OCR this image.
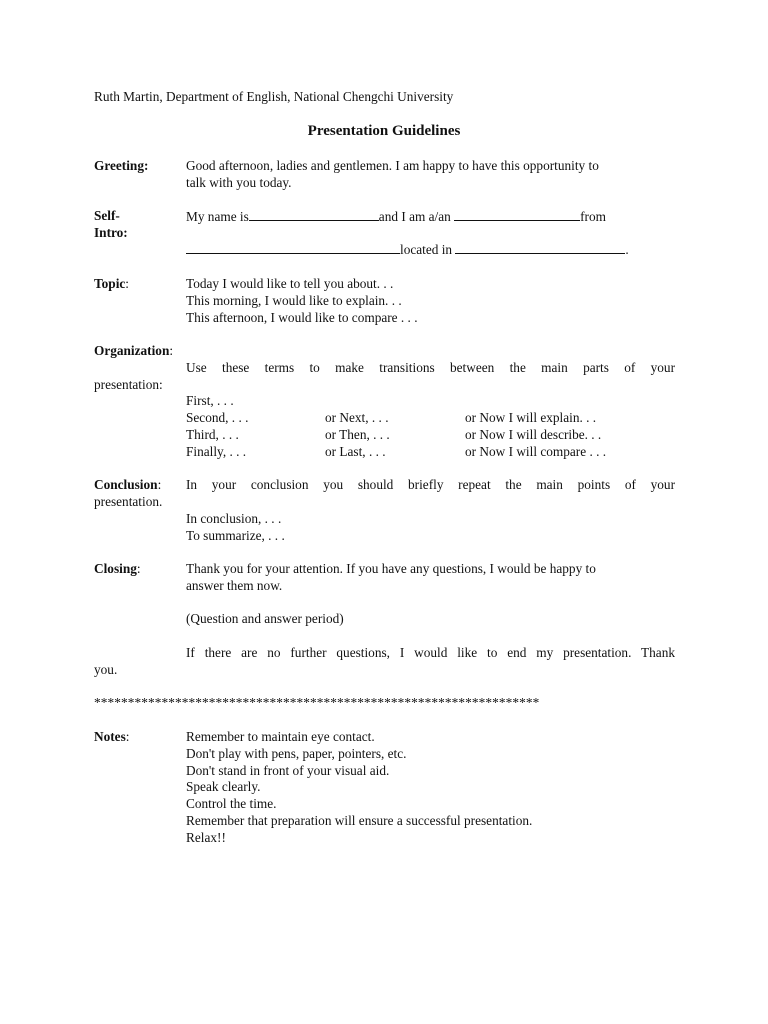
Ruth Martin, Department of English, National Chengchi University
Presentation Guidelines
Greeting:	Good afternoon, ladies and gentlemen. I am happy to have this opportunity to
talk with you today.
Self-
Intro:
My name is	and I am a/an	from
located in	.
Topic:	Today I would like to tell you about. . .
This morning, I would like to explain. . .
This afternoon, I would like to compare . . .
Organization:
Use these terms to make transitions between the main parts of your
presentation:
First, . . .
Second, . . .	or Next, . . .	or Now I will explain. . .
Third, . . .	or Then, . . .	or Now I will describe. . .
Finally, . . .	or Last, . . .	or Now I will compare . . .
Conclusion: In your conclusion you should briefly repeat the main points of your
presentation.
In conclusion, . . .
To summarize, . . .
Closing:	Thank you for your attention. If you have any questions, I would be happy to
answer them now.
(Question and answer period)
If there are no further questions, I would like to end my presentation. Thank
you.
******************************************************************
Notes:	Remember to maintain eye contact.
Don't play with pens, paper, pointers, etc.
Don't stand in front of your visual aid.
Speak clearly.
Control the time.
Remember that preparation will ensure a successful presentation.
Relax!!
